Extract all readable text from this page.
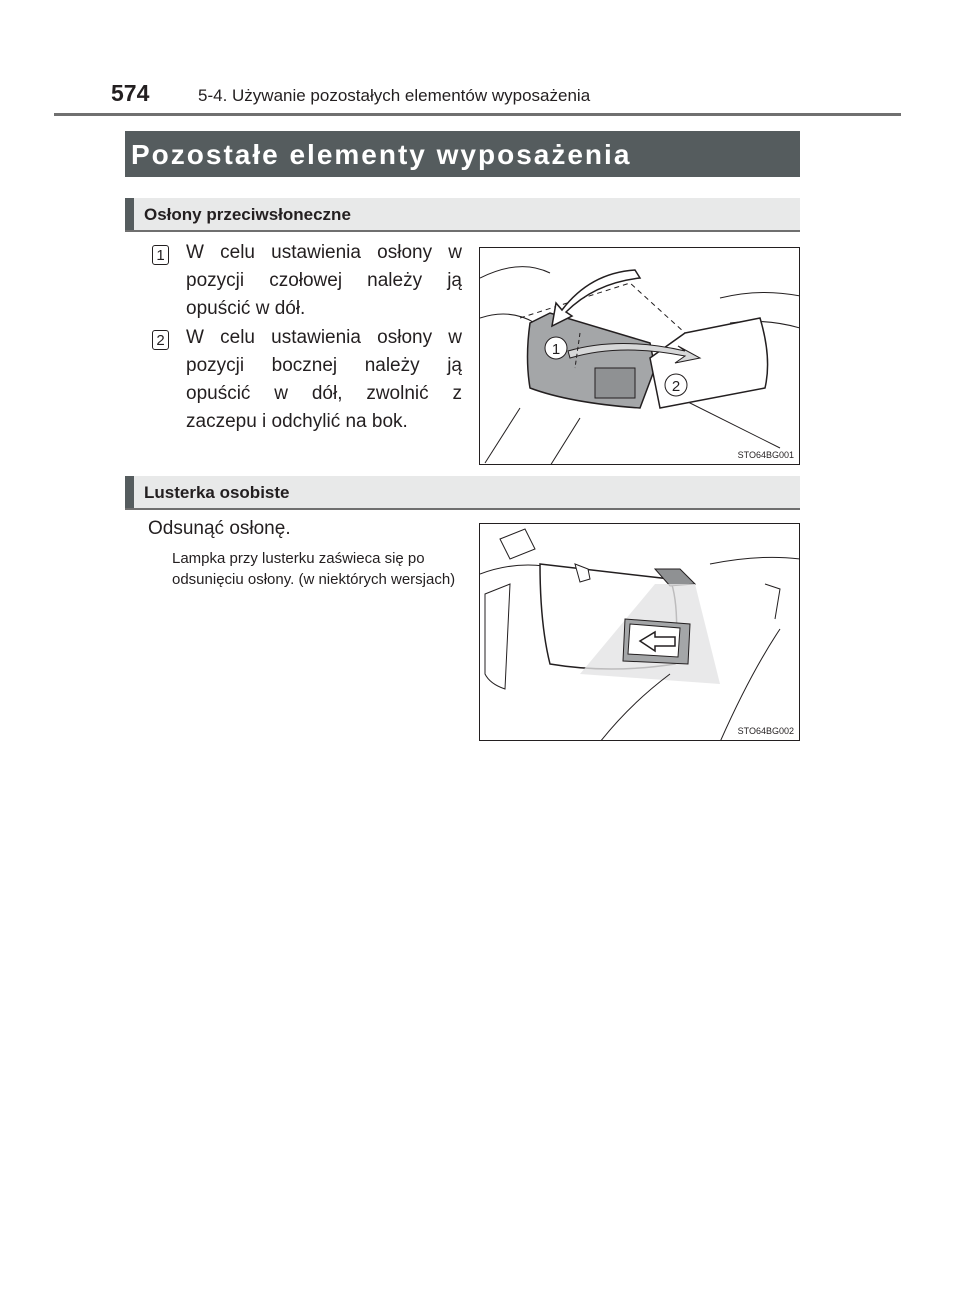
574	5-4. Używanie pozostałych elementów wyposażenia
Pozostałe elementy wyposażenia
Osłony przeciwsłoneczne
1 W celu ustawienia osłony w pozycji czołowej należy ją opuścić w dół.
2 W celu ustawienia osłony w pozycji bocznej należy ją opuścić w dół, zwolnić z zaczepu i odchylić na bok.
1
2
STO64BG001
Lusterka osobiste
Odsunąć osłonę.
Lampka przy lusterku zaświeca się po odsunięciu osłony. (w niektórych wersjach)
STO64BG002
